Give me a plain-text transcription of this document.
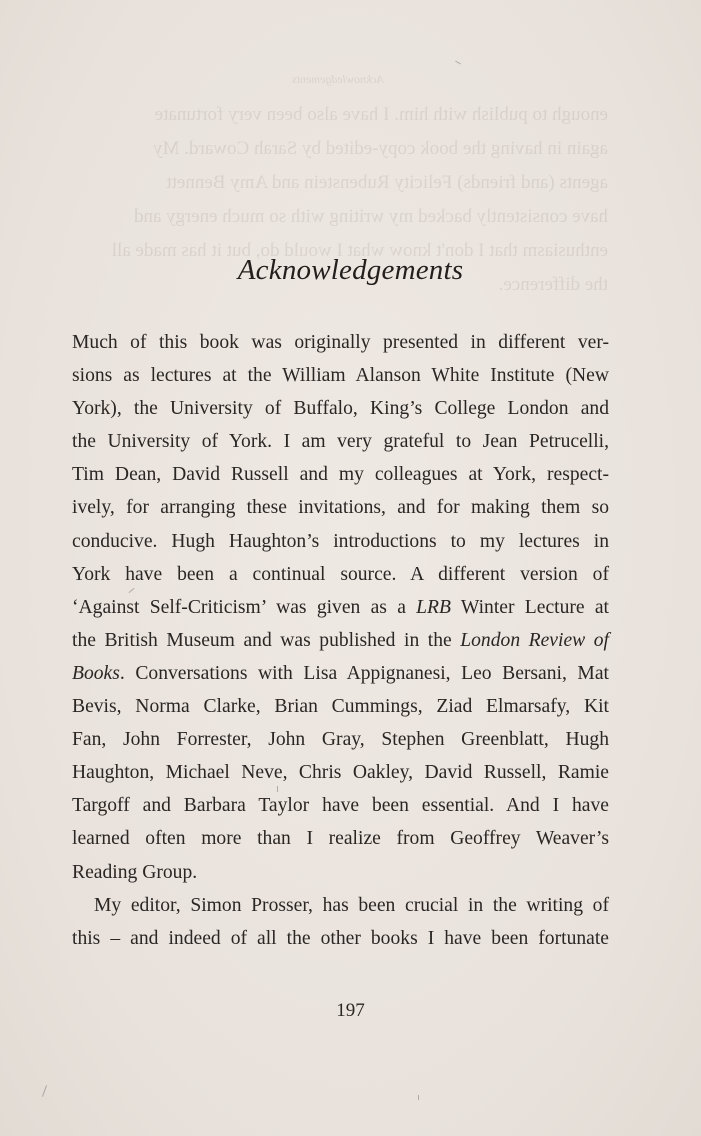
Acknowledgements
enough to publish with him. I have also been very fortunate
again in having the book copy-edited by Sarah Coward. My
agents (and friends) Felicity Rubenstein and Amy Bennett
have consistently backed my writing with so much energy and
enthusiasm that I don't know what I would do, but it has made all
the difference.
Acknowledgements
Much of this book was originally presented in different ver-
sions as lectures at the William Alanson White Institute (New
York), the University of Buffalo, King’s College London and
the University of York. I am very grateful to Jean Petrucelli,
Tim Dean, David Russell and my colleagues at York, respect-
ively, for arranging these invitations, and for making them so
conducive. Hugh Haughton’s introductions to my lectures in
York have been a continual source. A different version of
‘Against Self-Criticism’ was given as a LRB Winter Lecture at
the British Museum and was published in the London Review of
Books. Conversations with Lisa Appignanesi, Leo Bersani, Mat
Bevis, Norma Clarke, Brian Cummings, Ziad Elmarsafy, Kit
Fan, John Forrester, John Gray, Stephen Greenblatt, Hugh
Haughton, Michael Neve, Chris Oakley, David Russell, Ramie
Targoff and Barbara Taylor have been essential. And I have
learned often more than I realize from Geoffrey Weaver’s
Reading Group.
My editor, Simon Prosser, has been crucial in the writing of
this – and indeed of all the other books I have been fortunate
197
